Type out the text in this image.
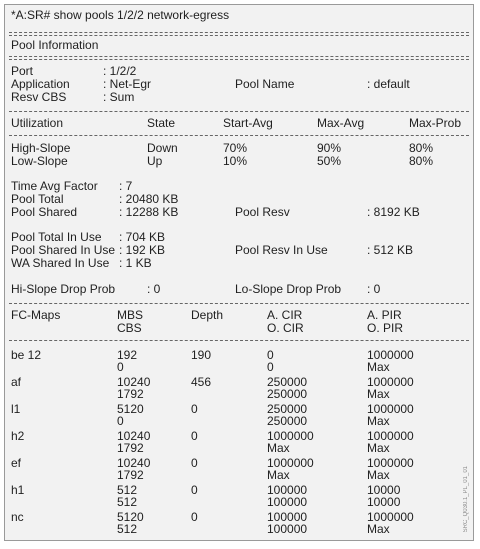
*A:SR# show pools 1/2/2 network-egress
Pool Information
Port	: 1/2/2
Application	: Net-Egr	Pool Name	: default
Resv CBS	: Sum
Utilization	State	Start-Avg	Max-Avg	Max-Prob
High-Slope	Down	70%	90%	80%
Low-Slope	Up	10%	50%	80%
Time Avg Factor : 7
Pool Total	: 20480 KB
Pool Shared	: 12288 KB	Pool Resv	: 8192 KB
Pool Total In Use : 704 KB
Pool Shared In Use : 192 KB	Pool Resv In Use	: 512 KB
WA Shared In Use : 1 KB
Hi-Slope Drop Prob	: 0	Lo-Slope Drop Prob : 0
FC-Maps	MBS	Depth	A. CIR	A. PIR
CBS	O. CIR	O. PIR
be 12	192	190	0	1000000
0	0	Max
af	10240	456	250000	1000000
1792	250000	Max
l1	5120	0	250000	1000000
0	250000	Max
h2	10240	0	1000000	1000000
1792	Max	Max
ef	10240	0	1000000	1000000
1792	Max	Max
h1	512	0	100000	10000
512	100000	10000
nc	5120	0	100000	1000000
512	100000	Max	SRC_Q030.1_PL_01_01
